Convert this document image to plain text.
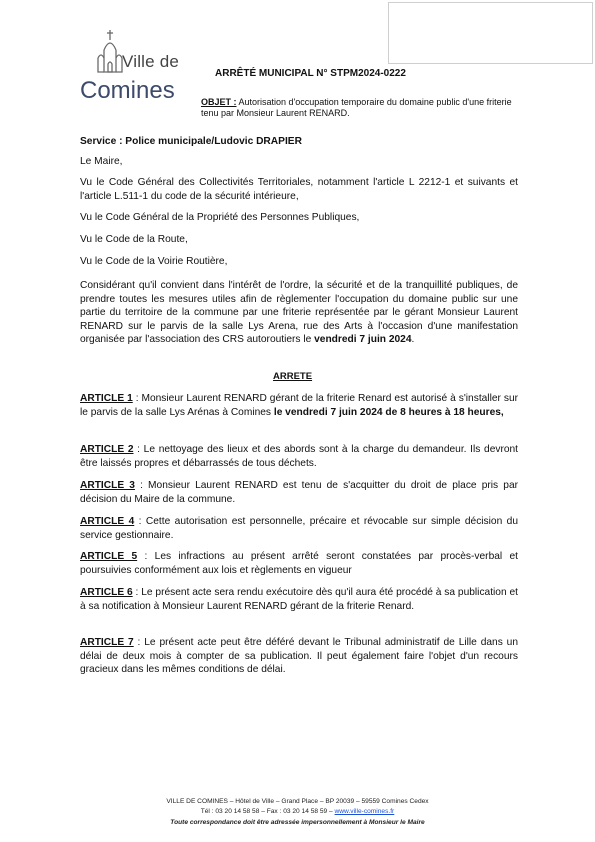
Ville de
Comines
ARRÊTÉ MUNICIPAL N° STPM2024-0222
OBJET : Autorisation d'occupation temporaire du domaine public d'une friterie tenu par Monsieur Laurent RENARD.
Service : Police municipale/Ludovic DRAPIER
Le Maire,
Vu le Code Général des Collectivités Territoriales, notamment l'article L 2212-1 et suivants et l'article L.511-1 du code de la sécurité intérieure,
Vu le Code Général de la Propriété des Personnes Publiques,
Vu le Code de la Route,
Vu le Code de la Voirie Routière,
Considérant qu'il convient dans l'intérêt de l'ordre, la sécurité et de la tranquillité publiques, de prendre toutes les mesures utiles afin de règlementer l'occupation du domaine public sur une partie du territoire de la commune par une friterie représentée par le gérant Monsieur Laurent RENARD sur le parvis de la salle Lys Arena, rue des Arts à l'occasion d'une manifestation organisée par l'association des CRS autoroutiers le vendredi 7 juin 2024.
ARRETE
ARTICLE 1 : Monsieur Laurent RENARD gérant de la friterie Renard est autorisé à s'installer sur le parvis de la salle Lys Arénas à Comines le vendredi 7 juin 2024 de 8 heures à 18 heures,
ARTICLE 2 : Le nettoyage des lieux et des abords sont à la charge du demandeur. Ils devront être laissés propres et débarrassés de tous déchets.
ARTICLE 3 : Monsieur Laurent RENARD est tenu de s'acquitter du droit de place pris par décision du Maire de la commune.
ARTICLE 4 : Cette autorisation est personnelle, précaire et révocable sur simple décision du service gestionnaire.
ARTICLE 5 : Les infractions au présent arrêté seront constatées par procès-verbal et poursuivies conformément aux lois et règlements en vigueur
ARTICLE 6 : Le présent acte sera rendu exécutoire dès qu'il aura été procédé à sa publication et à sa notification à Monsieur Laurent RENARD gérant de la friterie Renard.
ARTICLE 7 : Le présent acte peut être déféré devant le Tribunal administratif de Lille dans un délai de deux mois à compter de sa publication. Il peut également faire l'objet d'un recours gracieux dans les mêmes conditions de délai.
VILLE DE COMINES – Hôtel de Ville – Grand Place – BP 20039 – 59559 Comines Cedex
Tél : 03 20 14 58 58 – Fax : 03 20 14 58 59 – www.ville-comines.fr
Toute correspondance doit être adressée impersonnellement à Monsieur le Maire
